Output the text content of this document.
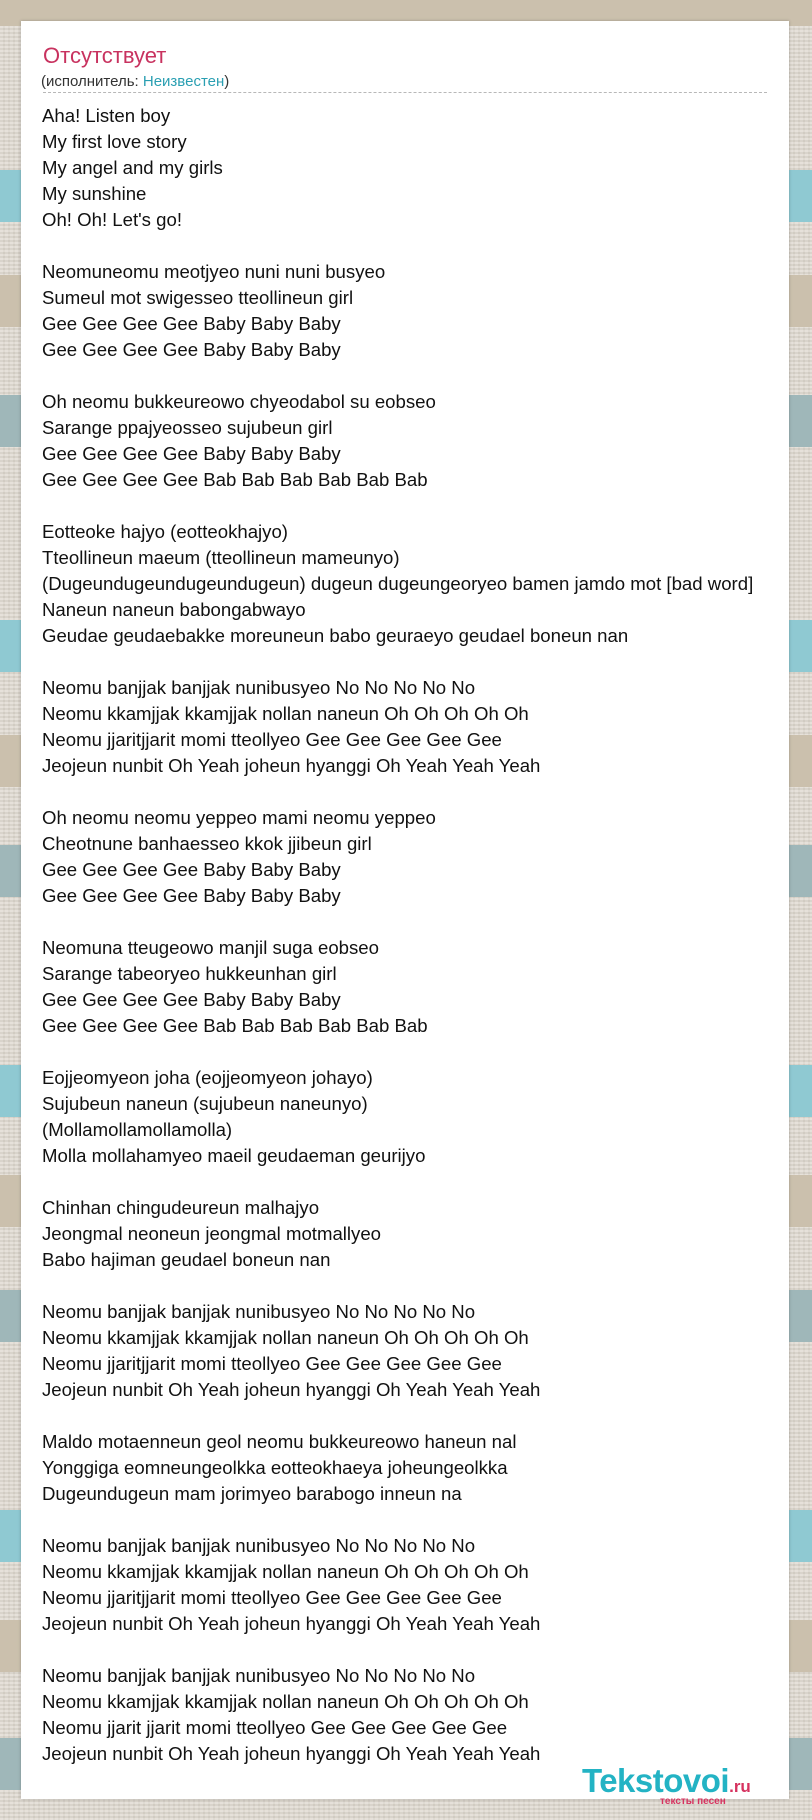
Отсутствует
(исполнитель: Неизвестен)
Aha! Listen boy
My first love story
My angel and my girls
My sunshine
Oh! Oh! Let's go!
Neomuneomu meotjyeo nuni nuni busyeo
Sumeul mot swigesseo tteollineun girl
Gee Gee Gee Gee Baby Baby Baby
Gee Gee Gee Gee Baby Baby Baby
Oh neomu bukkeureowo chyeodabol su eobseo
Sarange ppajyeosseo sujubeun girl
Gee Gee Gee Gee Baby Baby Baby
Gee Gee Gee Gee Bab Bab Bab Bab Bab Bab
Eotteoke hajyo (eotteokhajyo)
Tteollineun maeum (tteollineun mameunyo)
(Dugeundugeundugeundugeun) dugeun dugeungeoryeo bamen jamdo mot [bad word]
Naneun naneun babongabwayo
Geudae geudaebakke moreuneun babo geuraeyo geudael boneun nan
Neomu banjjak banjjak nunibusyeo No No No No No
Neomu kkamjjak kkamjjak nollan naneun Oh Oh Oh Oh Oh
Neomu jjaritjjarit momi tteollyeo Gee Gee Gee Gee Gee
Jeojeun nunbit Oh Yeah joheun hyanggi Oh Yeah Yeah Yeah
Oh neomu neomu yeppeo mami neomu yeppeo
Cheotnune banhaesseo kkok jjibeun girl
Gee Gee Gee Gee Baby Baby Baby
Gee Gee Gee Gee Baby Baby Baby
Neomuna tteugeowo manjil suga eobseo
Sarange tabeoryeo hukkeunhan girl
Gee Gee Gee Gee Baby Baby Baby
Gee Gee Gee Gee Bab Bab Bab Bab Bab Bab
Eojjeomyeon joha (eojjeomyeon johayo)
Sujubeun naneun (sujubeun naneunyo)
(Mollamollamollamolla)
Molla mollahamyeo maeil geudaeman geurijyo
Chinhan chingudeureun malhajyo
Jeongmal neoneun jeongmal motmallyeo
Babo hajiman geudael boneun nan
Neomu banjjak banjjak nunibusyeo No No No No No
Neomu kkamjjak kkamjjak nollan naneun Oh Oh Oh Oh Oh
Neomu jjaritjjarit momi tteollyeo Gee Gee Gee Gee Gee
Jeojeun nunbit Oh Yeah joheun hyanggi Oh Yeah Yeah Yeah
Maldo motaenneun geol neomu bukkeureowo haneun nal
Yonggiga eomneungeolkka eotteokhaeya joheungeolkka
Dugeundugeun mam jorimyeo barabogo inneun na
Neomu banjjak banjjak nunibusyeo No No No No No
Neomu kkamjjak kkamjjak nollan naneun Oh Oh Oh Oh Oh
Neomu jjaritjjarit momi tteollyeo Gee Gee Gee Gee Gee
Jeojeun nunbit Oh Yeah joheun hyanggi Oh Yeah Yeah Yeah
Neomu banjjak banjjak nunibusyeo No No No No No
Neomu kkamjjak kkamjjak nollan naneun Oh Oh Oh Oh Oh
Neomu jjarit jjarit momi tteollyeo Gee Gee Gee Gee Gee
Jeojeun nunbit Oh Yeah joheun hyanggi Oh Yeah Yeah Yeah
Tekstovoi.ru
тексты песен
